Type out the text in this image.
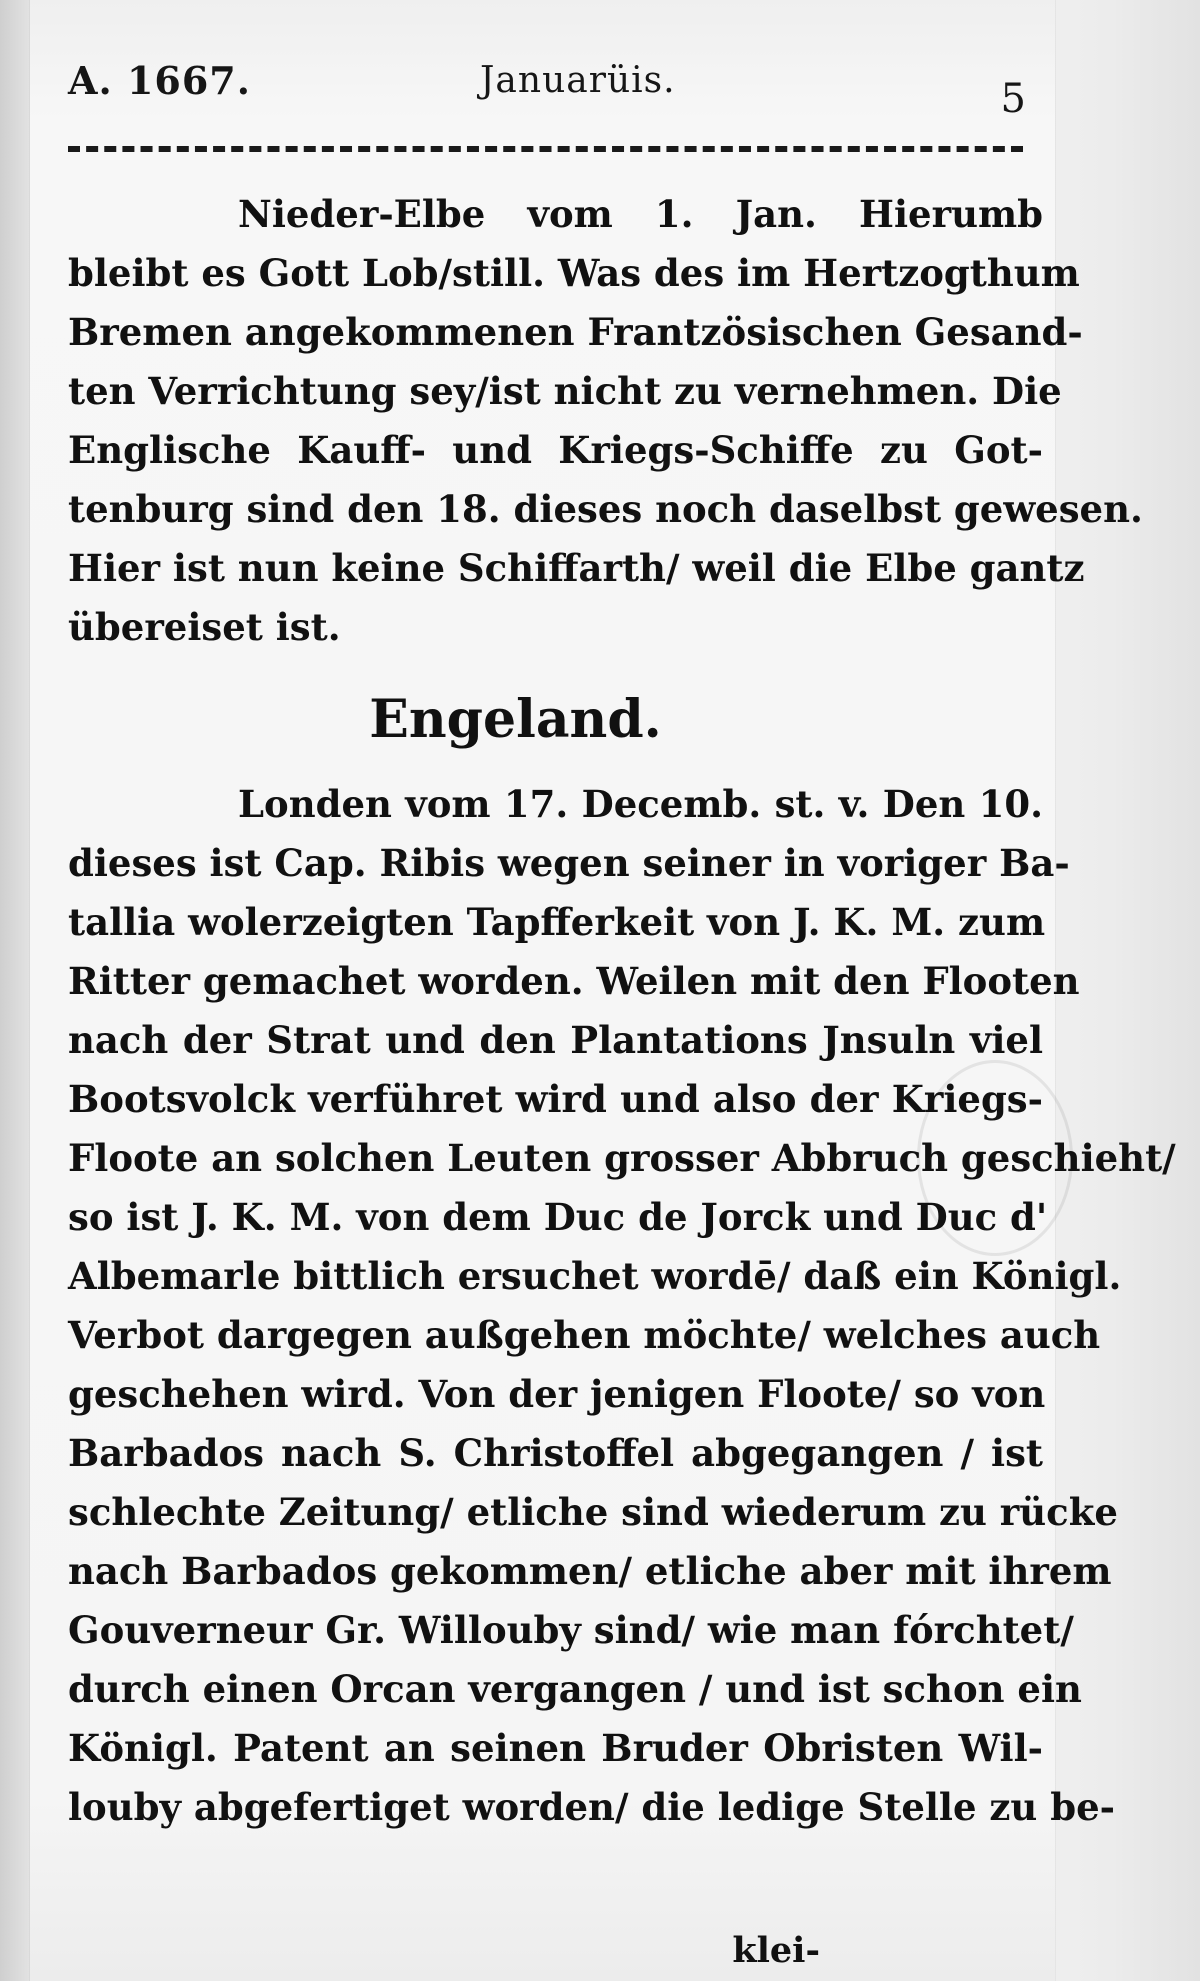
A. 1667.	Januarüis.	5
Nieder-Elbe vom 1. Jan. Hierumb
bleibt es Gott Lob/still. Was des im Hertzogthum
Bremen angekommenen Frantzösischen Gesand-
ten Verrichtung sey/ist nicht zu vernehmen. Die
Englische Kauff- und Kriegs-Schiffe zu Got-
tenburg sind den 18. dieses noch daselbst gewesen.
Hier ist nun keine Schiffarth/ weil die Elbe gantz
übereiset ist.
Engeland.
Londen vom 17. Decemb. st. v. Den 10.
dieses ist Cap. Ribis wegen seiner in voriger Ba-
tallia wolerzeigten Tapfferkeit von J. K. M. zum
Ritter gemachet worden. Weilen mit den Flooten
nach der Strat und den Plantations Jnsuln viel
Bootsvolck verführet wird und also der Kriegs-
Floote an solchen Leuten grosser Abbruch geschieht/
so ist J. K. M. von dem Duc de Jorck und Duc d'
Albemarle bittlich ersuchet wordē/ daß ein Königl.
Verbot dargegen außgehen möchte/ welches auch
geschehen wird. Von der jenigen Floote/ so von
Barbados nach S. Christoffel abgegangen / ist
schlechte Zeitung/ etliche sind wiederum zu rücke
nach Barbados gekommen/ etliche aber mit ihrem
Gouverneur Gr. Willouby sind/ wie man fórchtet/
durch einen Orcan vergangen / und ist schon ein
Königl. Patent an seinen Bruder Obristen Wil-
louby abgefertiget worden/ die ledige Stelle zu be-
klei-
